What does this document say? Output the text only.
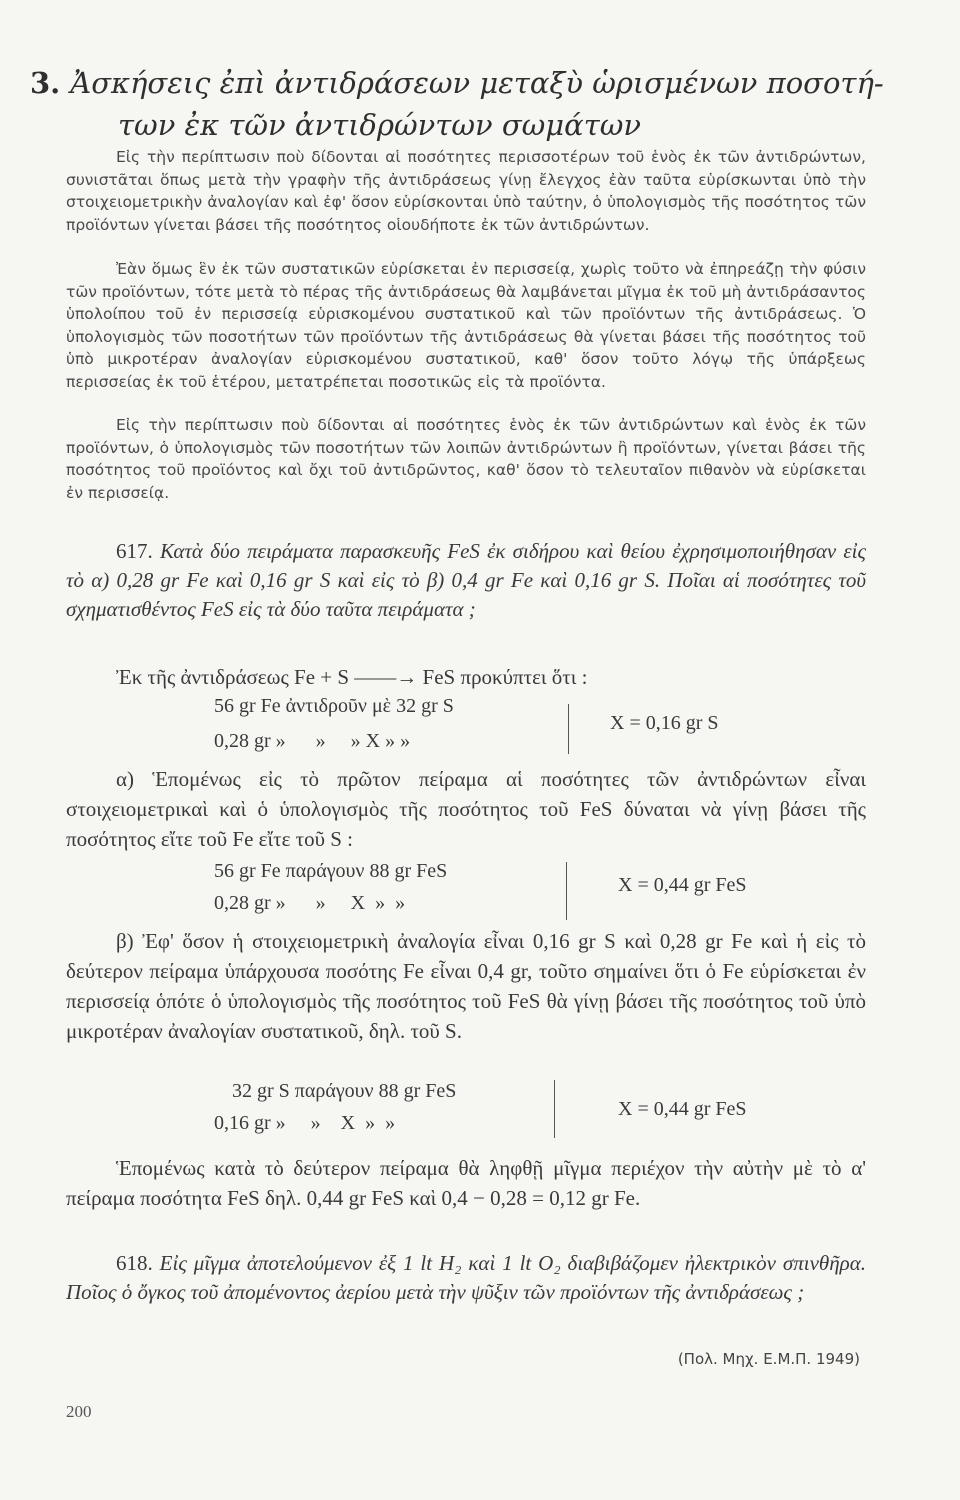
3. Ἀσκήσεις ἐπὶ ἀντιδράσεων μεταξὺ ὡρισμένων ποσοτή-
των ἐκ τῶν ἀντιδρώντων σωμάτων
Εἰς τὴν περίπτωσιν ποὺ δίδονται αἱ ποσότητες περισσοτέρων τοῦ ἑνὸς ἐκ τῶν ἀντιδρώντων, συνιστᾶται ὅπως μετὰ τὴν γραφὴν τῆς ἀντιδράσεως γίνῃ ἔλεγχος ἐὰν ταῦτα εὑρίσκωνται ὑπὸ τὴν στοιχειομετρικὴν ἀναλογίαν καὶ ἐφ' ὅσον εὑρίσκονται ὑπὸ ταύτην, ὁ ὑπολογισμὸς τῆς ποσότητος τῶν προϊόντων γίνεται βάσει τῆς ποσότητος οἱουδήποτε ἐκ τῶν ἀντιδρώντων.
Ἐὰν ὅμως ἓν ἐκ τῶν συστατικῶν εὑρίσκεται ἐν περισσείᾳ, χωρὶς τοῦτο νὰ ἐπηρεάζῃ τὴν φύσιν τῶν προϊόντων, τότε μετὰ τὸ πέρας τῆς ἀντιδράσεως θὰ λαμβάνεται μῖγμα ἐκ τοῦ μὴ ἀντιδράσαντος ὑπολοίπου τοῦ ἐν περισσείᾳ εὑρισκομένου συστατικοῦ καὶ τῶν προϊόντων τῆς ἀντιδράσεως. Ὁ ὑπολογισμὸς τῶν ποσοτήτων τῶν προϊόντων τῆς ἀντιδράσεως θὰ γίνεται βάσει τῆς ποσότητος τοῦ ὑπὸ μικροτέραν ἀναλογίαν εὑρισκομένου συστατικοῦ, καθ' ὅσον τοῦτο λόγῳ τῆς ὑπάρξεως περισσείας ἐκ τοῦ ἑτέρου, μετατρέπεται ποσοτικῶς εἰς τὰ προϊόντα.
Εἰς τὴν περίπτωσιν ποὺ δίδονται αἱ ποσότητες ἑνὸς ἐκ τῶν ἀντιδρώντων καὶ ἑνὸς ἐκ τῶν προϊόντων, ὁ ὑπολογισμὸς τῶν ποσοτήτων τῶν λοιπῶν ἀντιδρώντων ἢ προϊόντων, γίνεται βάσει τῆς ποσότητος τοῦ προϊόντος καὶ ὄχι τοῦ ἀντιδρῶντος, καθ' ὅσον τὸ τελευταῖον πιθανὸν νὰ εὑρίσκεται ἐν περισσείᾳ.
617. Κατὰ δύο πειράματα παρασκευῆς FeS ἐκ σιδήρου καὶ θείου ἐχρησιμοποιήθησαν εἰς τὸ α) 0,28 gr Fe καὶ 0,16 gr S καὶ εἰς τὸ β) 0,4 gr Fe καὶ 0,16 gr S. Ποῖαι αἱ ποσότητες τοῦ σχηματισθέντος FeS εἰς τὰ δύο ταῦτα πειράματα ;
Ἐκ τῆς ἀντιδράσεως Fe + S ——→ FeS προκύπτει ὅτι :
56 gr Fe ἀντιδροῦν μὲ 32 gr S
0,28 gr »      »     » X » »
X = 0,16 gr S
α) Ἑπομένως εἰς τὸ πρῶτον πείραμα αἱ ποσότητες τῶν ἀντιδρώντων εἶναι στοιχειομετρικαὶ καὶ ὁ ὑπολογισμὸς τῆς ποσότητος τοῦ FeS δύναται νὰ γίνῃ βάσει τῆς ποσότητος εἴτε τοῦ Fe εἴτε τοῦ S :
56 gr Fe παράγουν 88 gr FeS
0,28 gr »      »     X  »  »
X = 0,44 gr FeS
β) Ἐφ' ὅσον ἡ στοιχειομετρικὴ ἀναλογία εἶναι 0,16 gr S καὶ 0,28 gr Fe καὶ ἡ εἰς τὸ δεύτερον πείραμα ὑπάρχουσα ποσότης Fe εἶναι 0,4 gr, τοῦτο σημαίνει ὅτι ὁ Fe εὑρίσκεται ἐν περισσείᾳ ὁπότε ὁ ὑπολογισμὸς τῆς ποσότητος τοῦ FeS θὰ γίνῃ βάσει τῆς ποσότητος τοῦ ὑπὸ μικροτέραν ἀναλογίαν συστατικοῦ, δηλ. τοῦ S.
32 gr S παράγουν 88 gr FeS
0,16 gr »     »    X  »  »
X = 0,44 gr FeS
Ἑπομένως κατὰ τὸ δεύτερον πείραμα θὰ ληφθῇ μῖγμα περιέχον τὴν αὐτὴν μὲ τὸ α' πείραμα ποσότητα FeS δηλ. 0,44 gr FeS καὶ 0,4 − 0,28 = 0,12 gr Fe.
618. Εἰς μῖγμα ἀποτελούμενον ἐξ 1 lt H₂ καὶ 1 lt O₂ διαβιβάζομεν ἠλεκτρικὸν σπινθῆρα. Ποῖος ὁ ὄγκος τοῦ ἀπομένοντος ἀερίου μετὰ τὴν ψῦξιν τῶν προϊόντων τῆς ἀντιδράσεως ;
(Πολ. Μηχ. Ε.Μ.Π. 1949)
200
